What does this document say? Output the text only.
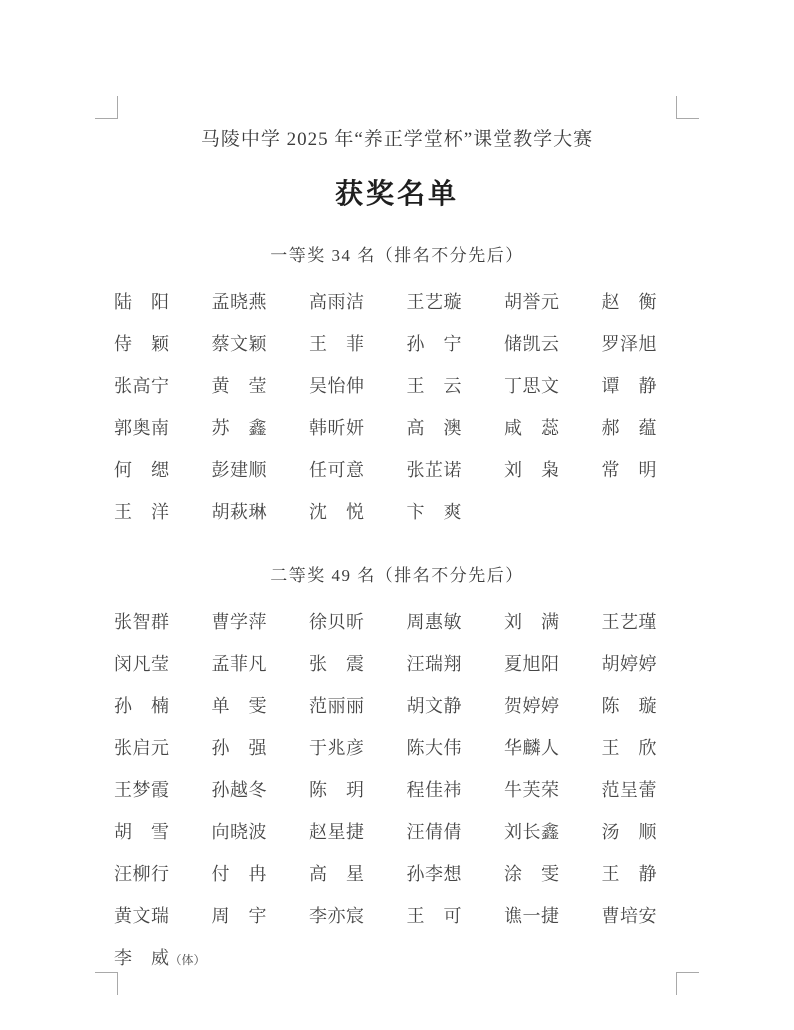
马陵中学 2025 年“养正学堂杯”课堂教学大赛
获奖名单
一等奖 34 名（排名不分先后）
陆　阳	孟晓燕	高雨洁	王艺璇	胡誉元	赵　衡
侍　颖	蔡文颖	王　菲	孙　宁	储凯云	罗泽旭
张高宁	黄　莹	吴怡伸	王　云	丁思文	谭　静
郭奥南	苏　鑫	韩昕妍	高　澳	咸　蕊	郝　蕴
何　缌	彭建顺	任可意	张芷诺	刘　枭	常　明
王　洋	胡萩琳	沈　悦	卞　爽
二等奖 49 名（排名不分先后）
张智群	曹学萍	徐贝昕	周惠敏	刘　满	王艺瑾
闵凡莹	孟菲凡	张　震	汪瑞翔	夏旭阳	胡婷婷
孙　楠	单　雯	范丽丽	胡文静	贺婷婷	陈　璇
张启元	孙　强	于兆彦	陈大伟	华麟人	王　欣
王梦霞	孙越冬	陈　玥	程佳祎	牛芙荣	范呈蕾
胡　雪	向晓波	赵星捷	汪倩倩	刘长鑫	汤　顺
汪柳行	付　冉	高　星	孙李想	涂　雯	王　静
黄文瑞	周　宇	李亦宸	王　可	谯一捷	曹培安
李　威（体）
